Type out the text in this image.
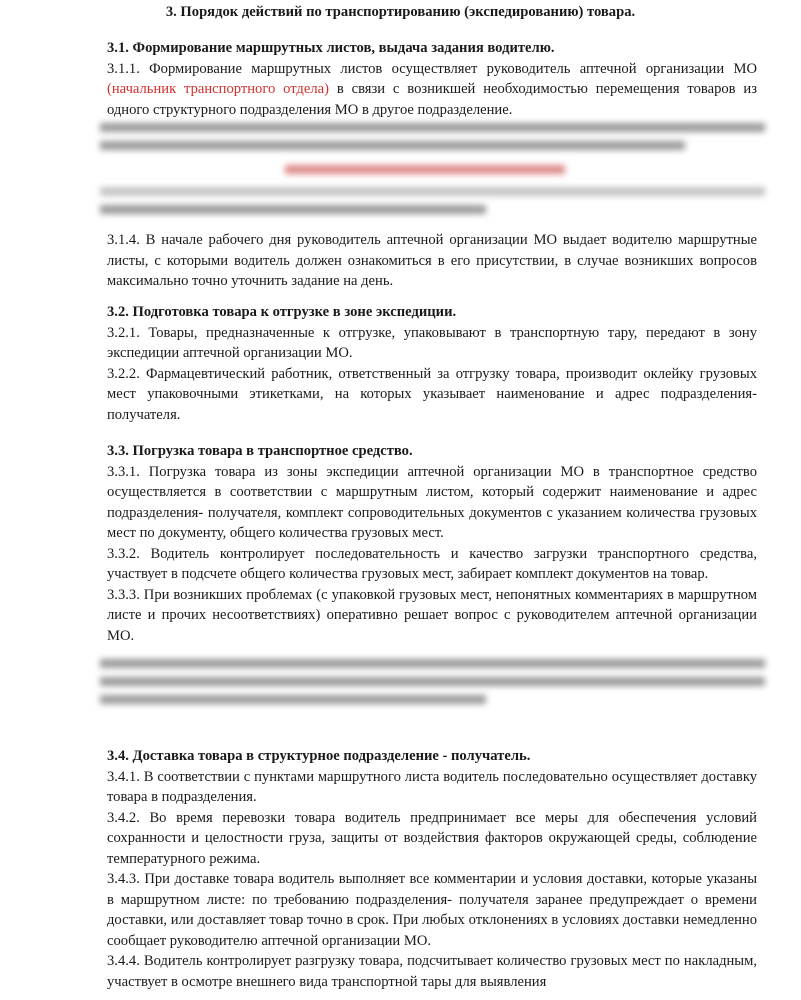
3. Порядок действий по транспортированию (экспедированию) товара.
3.1. Формирование маршрутных листов, выдача задания водителю.

3.1.1. Формирование маршрутных листов осуществляет руководитель аптечной организации МО (начальник транспортного отдела) в связи с возникшей необходимостью перемещения товаров из одного структурного подразделения МО в другое подразделение.

3.1.4. В начале рабочего дня руководитель аптечной организации МО выдает водителю маршрутные листы, с которыми водитель должен ознакомиться в его присутствии, в случае возникших вопросов максимально точно уточнить задание на день.

3.2. Подготовка товара к отгрузке в зоне экспедиции.

3.2.1. Товары, предназначенные к отгрузке, упаковывают в транспортную тару, передают в зону экспедиции аптечной организации МО.

3.2.2. Фармацевтический работник, ответственный за отгрузку товара, производит оклейку грузовых мест упаковочными этикетками, на которых указывает наименование и адрес подразделения-получателя.

3.3. Погрузка товара в транспортное средство.

3.3.1. Погрузка товара из зоны экспедиции аптечной организации МО в транспортное средство осуществляется в соответствии с маршрутным листом, который содержит наименование и адрес подразделения- получателя, комплект сопроводительных документов с указанием количества грузовых мест по документу, общего количества грузовых мест.

3.3.2. Водитель контролирует последовательность и качество загрузки транспортного средства, участвует в подсчете общего количества грузовых мест, забирает комплект документов на товар.

3.3.3. При возникших проблемах (с упаковкой грузовых мест, непонятных комментариях в маршрутном листе и прочих несоответствиях) оперативно решает вопрос с руководителем аптечной организации МО.

3.4. Доставка товара в структурное подразделение - получатель.

3.4.1. В соответствии с пунктами маршрутного листа водитель последовательно осуществляет доставку товара в подразделения.

3.4.2. Во время перевозки товара водитель предпринимает все меры для обеспечения условий сохранности и целостности груза, защиты от воздействия факторов окружающей среды, соблюдение температурного режима.

3.4.3. При доставке товара водитель выполняет все комментарии и условия доставки, которые указаны в маршрутном листе: по требованию подразделения- получателя заранее предупреждает о времени доставки, или доставляет товар точно в срок. При любых отклонениях в условиях доставки немедленно сообщает руководителю аптечной организации МО.

3.4.4. Водитель контролирует разгрузку товара, подсчитывает количество грузовых мест по накладным, участвует в осмотре внешнего вида транспортной тары для выявления
